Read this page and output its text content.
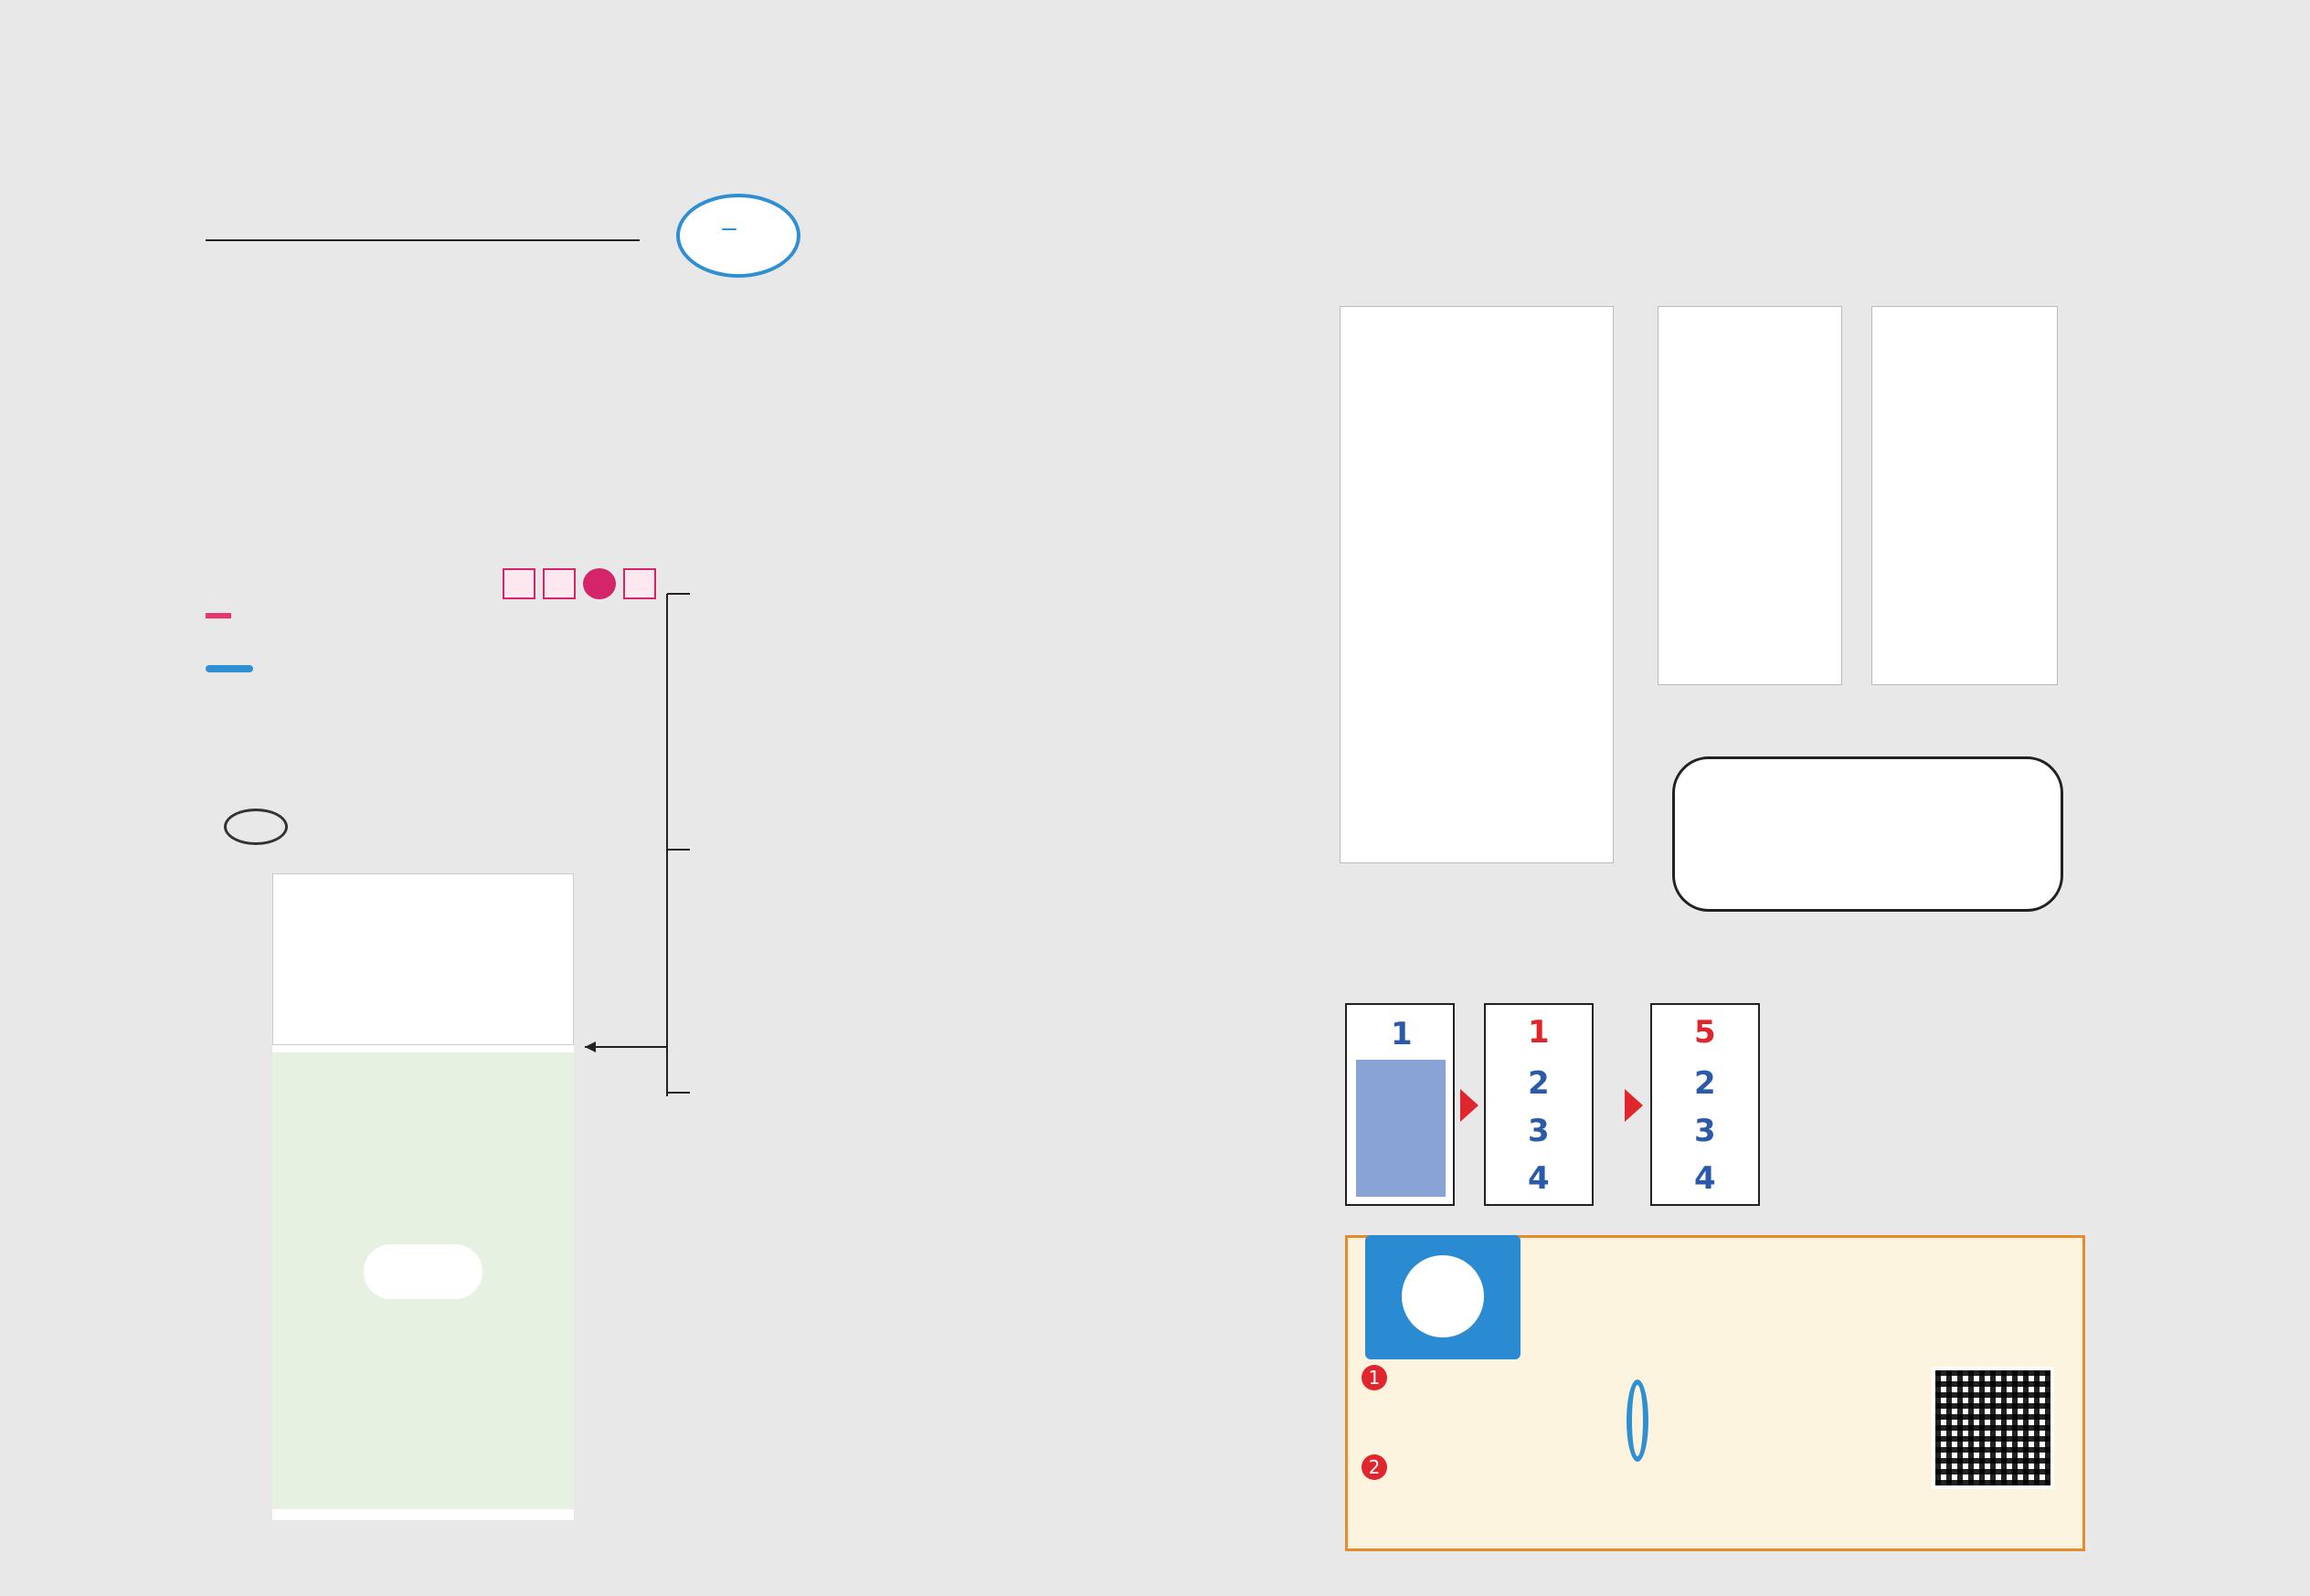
1	1
2
3
4
5
2
3
4
1
2
